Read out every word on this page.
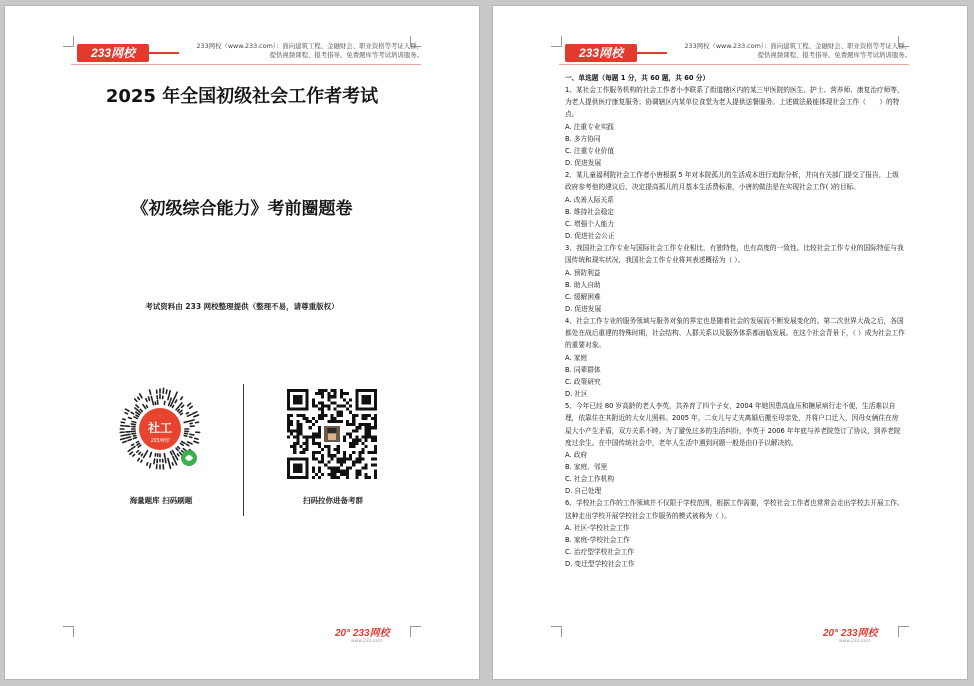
233网校	233网校（www.233.com）：面向建筑工程、金融财会、职业资格等考证人群，
提供视频课程、报考指导、免费题库等考试培训服务。
2025 年全国初级社会工作者考试
《初级综合能力》考前圈题卷
考试资料由 233 网校整理提供（整理不易，请尊重版权）
社工
233网校
海量题库 扫码刷题	扫码拉你进备考群
20° 233网校
www.233.com
233网校	233网校（www.233.com）：面向建筑工程、金融财会、职业资格等考证人群，
提供视频课程、报考指导、免费题库等考试培训服务。
一、单选题（每题 1 分，共 60 题，共 60 分）
1、某社会工作服务机构的社会工作者小李联系了街道辖区内的某三甲医院的医生、护士、营养师、康复治疗师等，为老人提供医疗康复服务；协调辖区内某单位食堂为老人提供送餐服务。上述做法最能体现社会工作（　　）的特点。
A. 注重专业实践
B. 多方协同
C. 注重专业价值
D. 促进发展
2、某儿童福利院社会工作者小唐根据 5 年对本院孤儿的生活成本进行追踪分析，并向有关部门提交了报告，上级政府参考他的建议后，决定提高孤儿的月基本生活费标准，小唐的做法是在实现社会工作( )的目标。
A. 改善人际关系
B. 维持社会稳定
C. 增强个人能力
D. 促进社会公正
3、我国社会工作专业与国际社会工作专业相比，有独特性，也有高度的一致性。比较社会工作专业的国际特征与我国传统和现实状况，我国社会工作专业将其表述概括为（ ）。
A. 预防利益
B. 助人自助
C. 缓解困难
D. 促进发展
4、社会工作专业的服务领域与服务对象的界定也是随着社会的发展而不断发展变化的。第二次世界大战之后，各国都处在战后重建的特殊时期，社会结构、人群关系以及服务体系都面临发展。在这个社会背景下，（ ）成为社会工作的重要对象。
A. 家庭
B. 同辈群体
C. 政策研究
D. 社区
5、今年已经 80 岁高龄的老人李英，共养育了四个子女，2004 年她因患高血压和糖尿病行走不便，生活难以自理，依靠住在其附近的大女儿照料。2005 年，二女儿与丈夫离婚后搬至母亲处，并将户口迁入，因母女俩住在房屋大小产生矛盾，双方关系不睦。为了避免过多的生活纠纷，李英于 2006 年年底与养老院签订了协议，到养老院度过余生。在中国传统社会中，老年人生活中遇到问题一般是由()予以解决的。
A. 政府
B. 家庭、邻里
C. 社会工作机构
D. 自己处理
6、学校社会工作的工作领域并不仅限于学校范围，根据工作需要，学校社会工作者也常常会走出学校去开展工作。这种走出学校开展学校社会工作服务的模式被称为（ ）。
A. 社区-学校社会工作
B. 家庭-学校社会工作
C. 治疗型学校社会工作
D. 变迁型学校社会工作
20° 233网校
www.233.com
